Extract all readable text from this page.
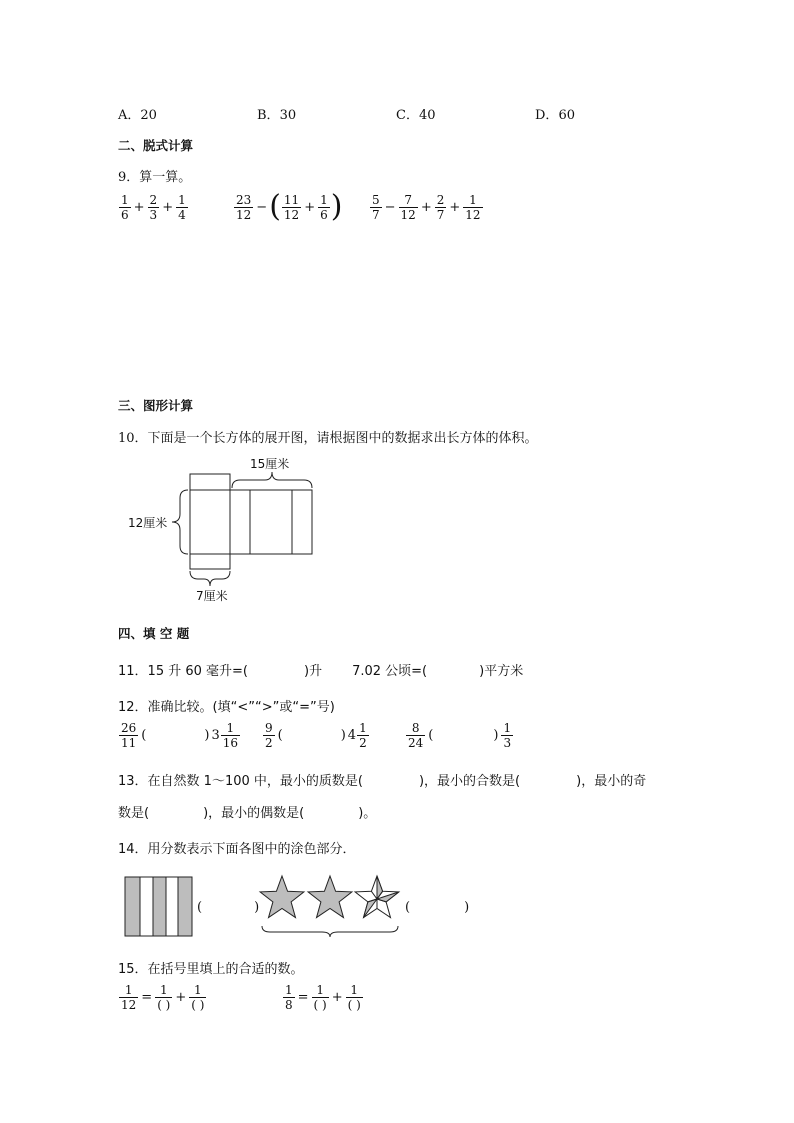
A．20	B．30	C．40	D．60
二、脱式计算
9．算一算。
$\frac{1}{6} + \frac{2}{3} + \frac{1}{4}$	$\frac{23}{12}$ − ( $\frac{11}{12} + \frac{1}{6}$ ) $\frac{5}{7} - \frac{7}{12} + \frac{2}{7} + \frac{1}{12}$
三、图形计算
10．下面是一个长方体的展开图，请根据图中的数据求出长方体的体积。
15厘米
12厘米
7厘米
四、填 空 题
11．15 升 60 毫升=(	)升 7.02 公顷=(	)平方米
12．准确比较。(填“<”“>”或“=”号)
$\frac{26}{11}$ (	) $3 \frac{1}{16} \frac{9}{2}$ (	) $4 \frac{1}{2}$	$\frac{8}{24}$ (	) $\frac{1}{3}$
13．在自然数 1～100 中，最小的质数是(	)，最小的合数是(	)，最小的奇
数是(	)，最小的偶数是(	)。
14．用分数表示下面各图中的涂色部分．
(	)	(	)
15．在括号里填上的合适的数。
$\frac{1}{12} = \frac{1}{( )} + \frac{1}{( )}$	$\frac{1}{8} = \frac{1}{( )} + \frac{1}{( )}$
